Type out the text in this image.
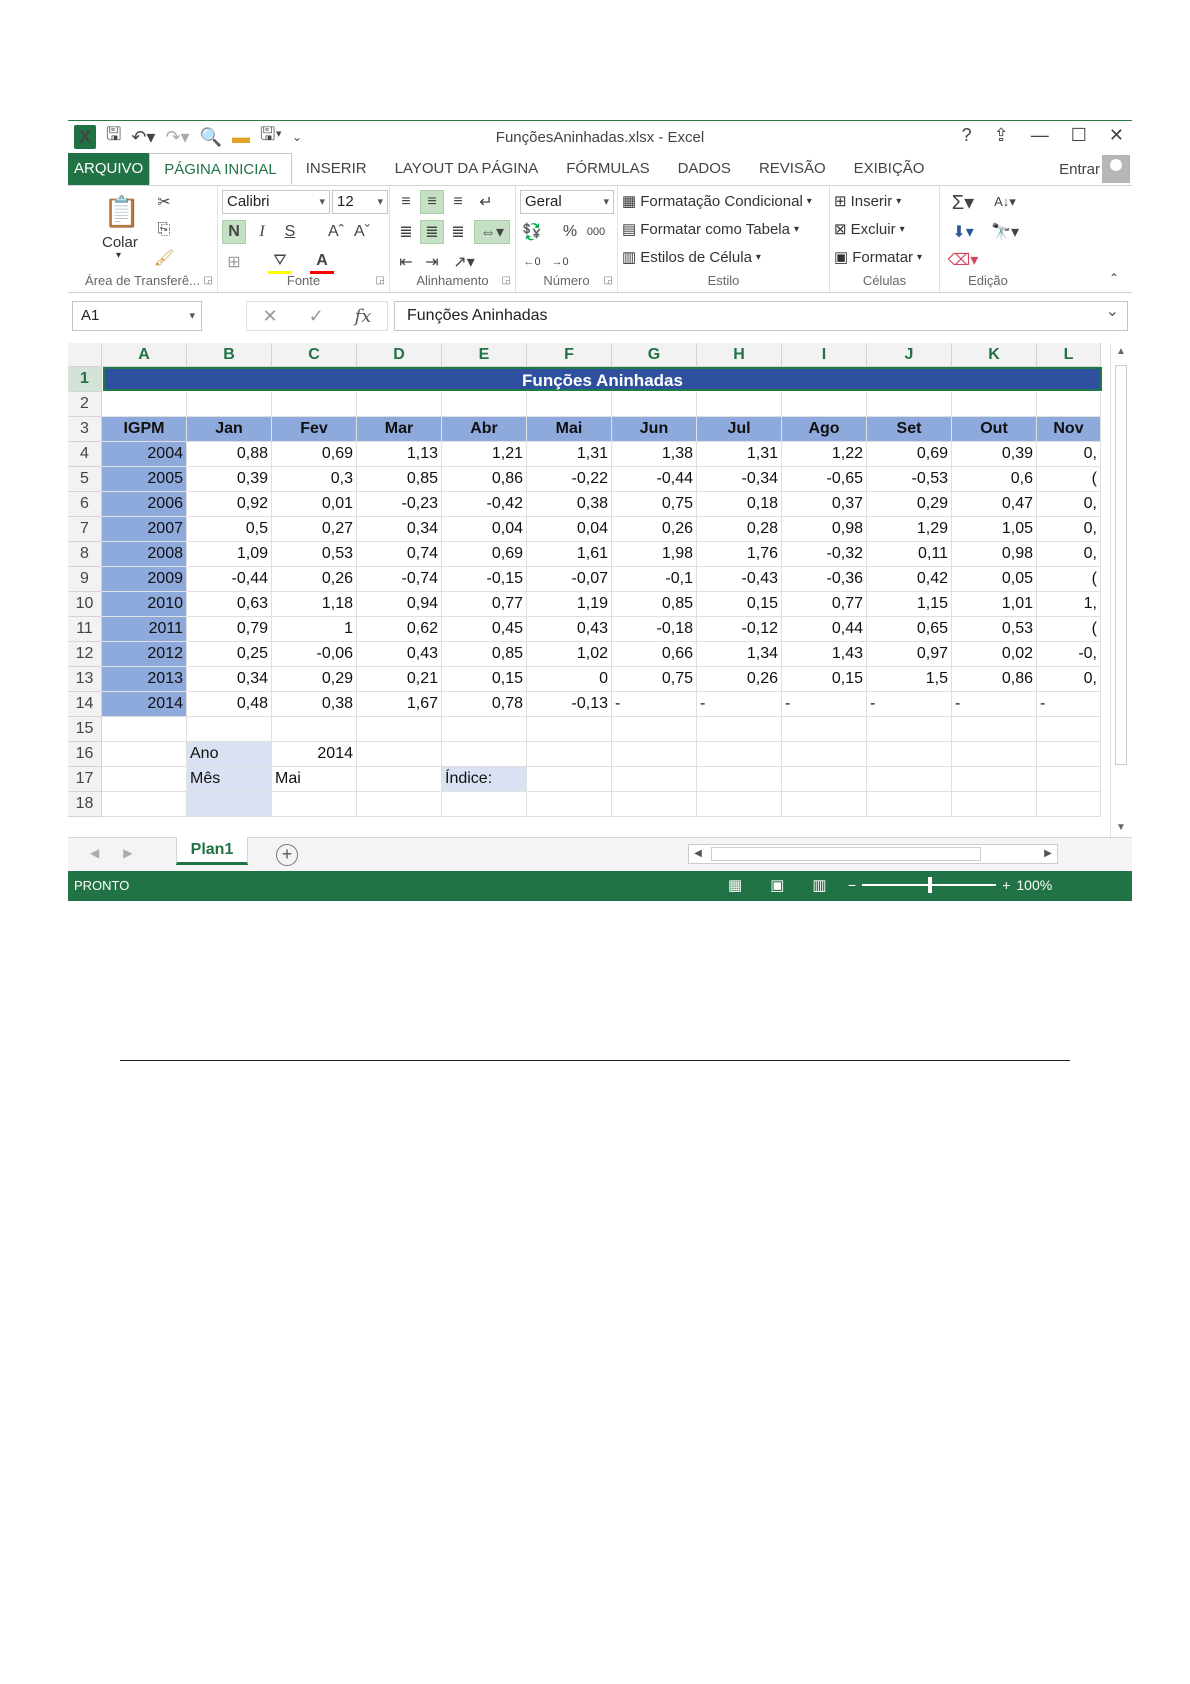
X 🖫 ↶▾ ↷▾ 🔍 ▬ 🖫▾ ⌄	FunçõesAninhadas.xlsx - Excel	? ⇪ — ☐ ✕
ARQUIVO	PÁGINA INICIAL	INSERIR	LAYOUT DA PÁGINA	FÓRMULAS	DADOS	REVISÃO	EXIBIÇÃO	Entrar
📋
Colar
▾
✂
⎘
🖌
Área de Transferê... ◲
Calibri ▾	12 ▾
N	I	S	Aˆ Aˇ
⊞	⛛	A
Fonte	◲
≡	≡	≡	↵
≣ ≣ ≣ ⇔▾
⇤ ⇥ ↗▾
Alinhamento	◲
Geral ▾
💱	% 000
←0 →0
Número	◲
▦ Formatação Condicional ▾
▤ Formatar como Tabela ▾
▥ Estilos de Célula ▾
Estilo
⊞ Inserir ▾
⊠ Excluir ▾
▣ Formatar ▾
Células
Σ▾	A↓▾
⬇▾	🔭▾
⌫▾
Edição	⌃
A1 ▾	✕ ✓ fx	Funções Aninhadas ⌄
A	B	C	D	E	F	G	H	I	J	K	L
1
2
3
4
5
6
7
8
9
10
11
12
13
14
15
16
17
18
Funções Aninhadas
IGPM	Jan	Fev	Mar	Abr	Mai	Jun	Jul	Ago	Set	Out	Nov
2004	0,88	0,69	1,13	1,21	1,31	1,38	1,31	1,22	0,69	0,39	0,
2005	0,39	0,3	0,85	0,86	-0,22	-0,44	-0,34	-0,65	-0,53	0,6	(
2006	0,92	0,01	-0,23	-0,42	0,38	0,75	0,18	0,37	0,29	0,47	0,
2007	0,5	0,27	0,34	0,04	0,04	0,26	0,28	0,98	1,29	1,05	0,
2008	1,09	0,53	0,74	0,69	1,61	1,98	1,76	-0,32	0,11	0,98	0,
2009	-0,44	0,26	-0,74	-0,15	-0,07	-0,1	-0,43	-0,36	0,42	0,05	(
2010	0,63	1,18	0,94	0,77	1,19	0,85	0,15	0,77	1,15	1,01	1,
2011	0,79	1	0,62	0,45	0,43	-0,18	-0,12	0,44	0,65	0,53	(
2012	0,25	-0,06	0,43	0,85	1,02	0,66	1,34	1,43	0,97	0,02	-0,
2013	0,34	0,29	0,21	0,15	0	0,75	0,26	0,15	1,5	0,86	0,
2014	0,48	0,38	1,67	0,78	-0,13 -	-	-	-	-	-
Ano	2014
Mês	Mai	Índice:
▲
▼
◀ ▶	Plan1	+	◀	▶
PRONTO	▦ ▣ ▥ −	+ 100%
